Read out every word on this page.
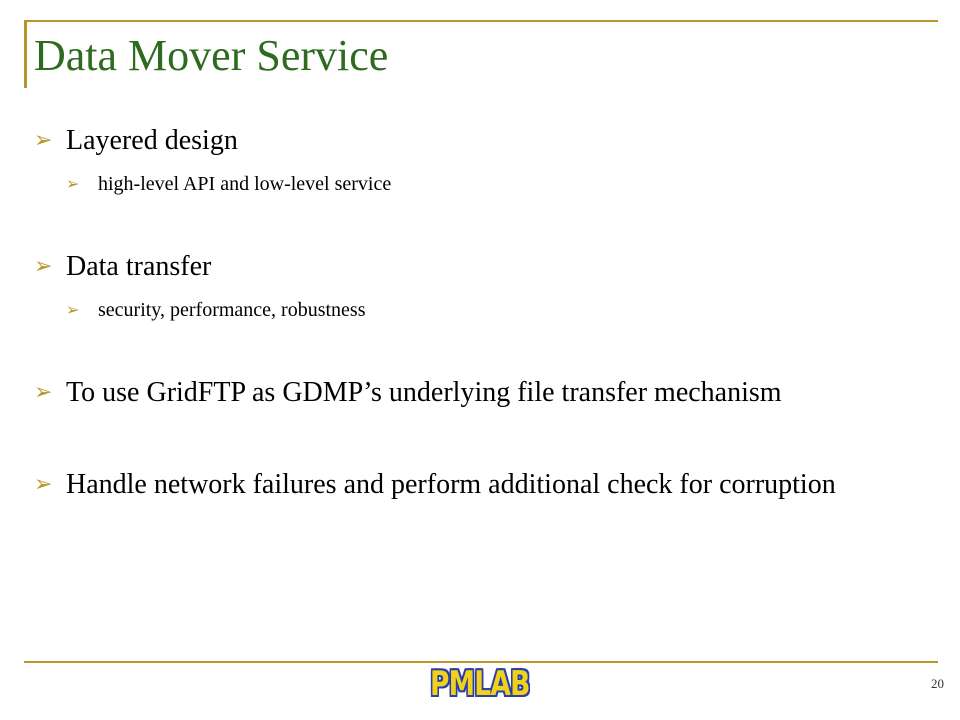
Data Mover Service
➢ Layered design
➢ high-level API and low-level service
➢ Data transfer
➢ security, performance, robustness
➢ To use GridFTP as GDMP’s underlying file transfer mechanism
➢ Handle network failures and perform additional check for corruption
PMLAB	20
